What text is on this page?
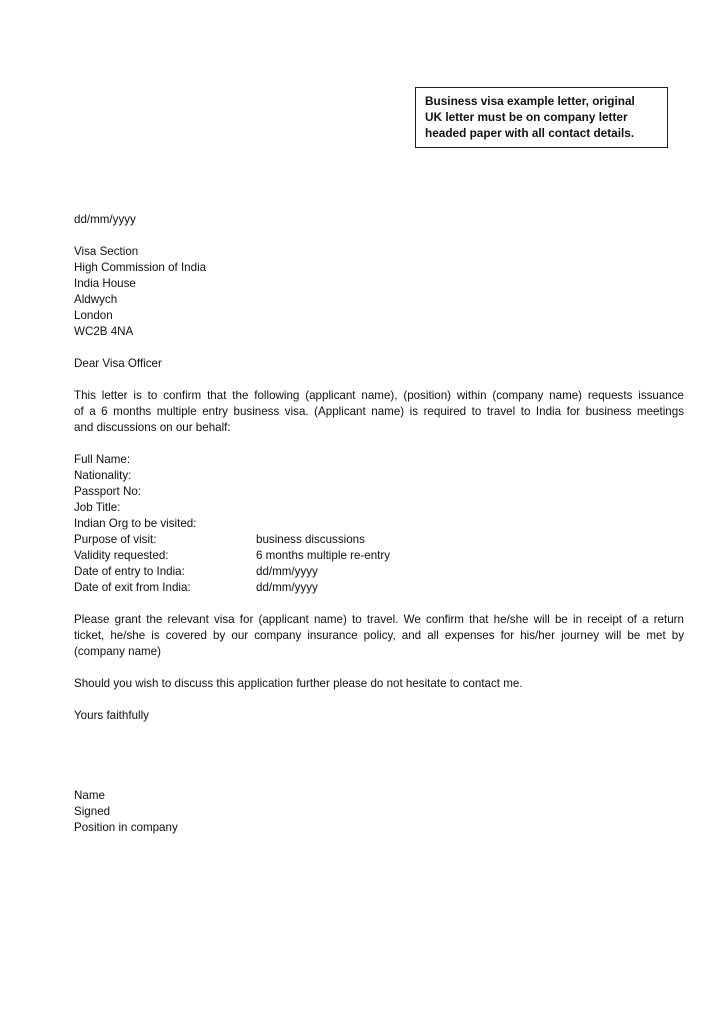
Business visa example letter, original
UK letter must be on company letter
headed paper with all contact details.
dd/mm/yyyy
Visa Section
High Commission of India
India House
Aldwych
London
WC2B 4NA
Dear Visa Officer
This letter is to confirm that the following (applicant name), (position) within (company name) requests issuance
of a 6 months multiple entry business visa. (Applicant name) is required to travel to India for business meetings
and discussions on our behalf:
Full Name:
Nationality:
Passport No:
Job Title:
Indian Org to be visited:
Purpose of visit:	business discussions
Validity requested:	6 months multiple re-entry
Date of entry to India:	dd/mm/yyyy
Date of exit from India:	dd/mm/yyyy
Please grant the relevant visa for (applicant name) to travel. We confirm that he/she will be in receipt of a return
ticket, he/she is covered by our company insurance policy, and all expenses for his/her journey will be met by
(company name)
Should you wish to discuss this application further please do not hesitate to contact me.
Yours faithfully
Name
Signed
Position in company
